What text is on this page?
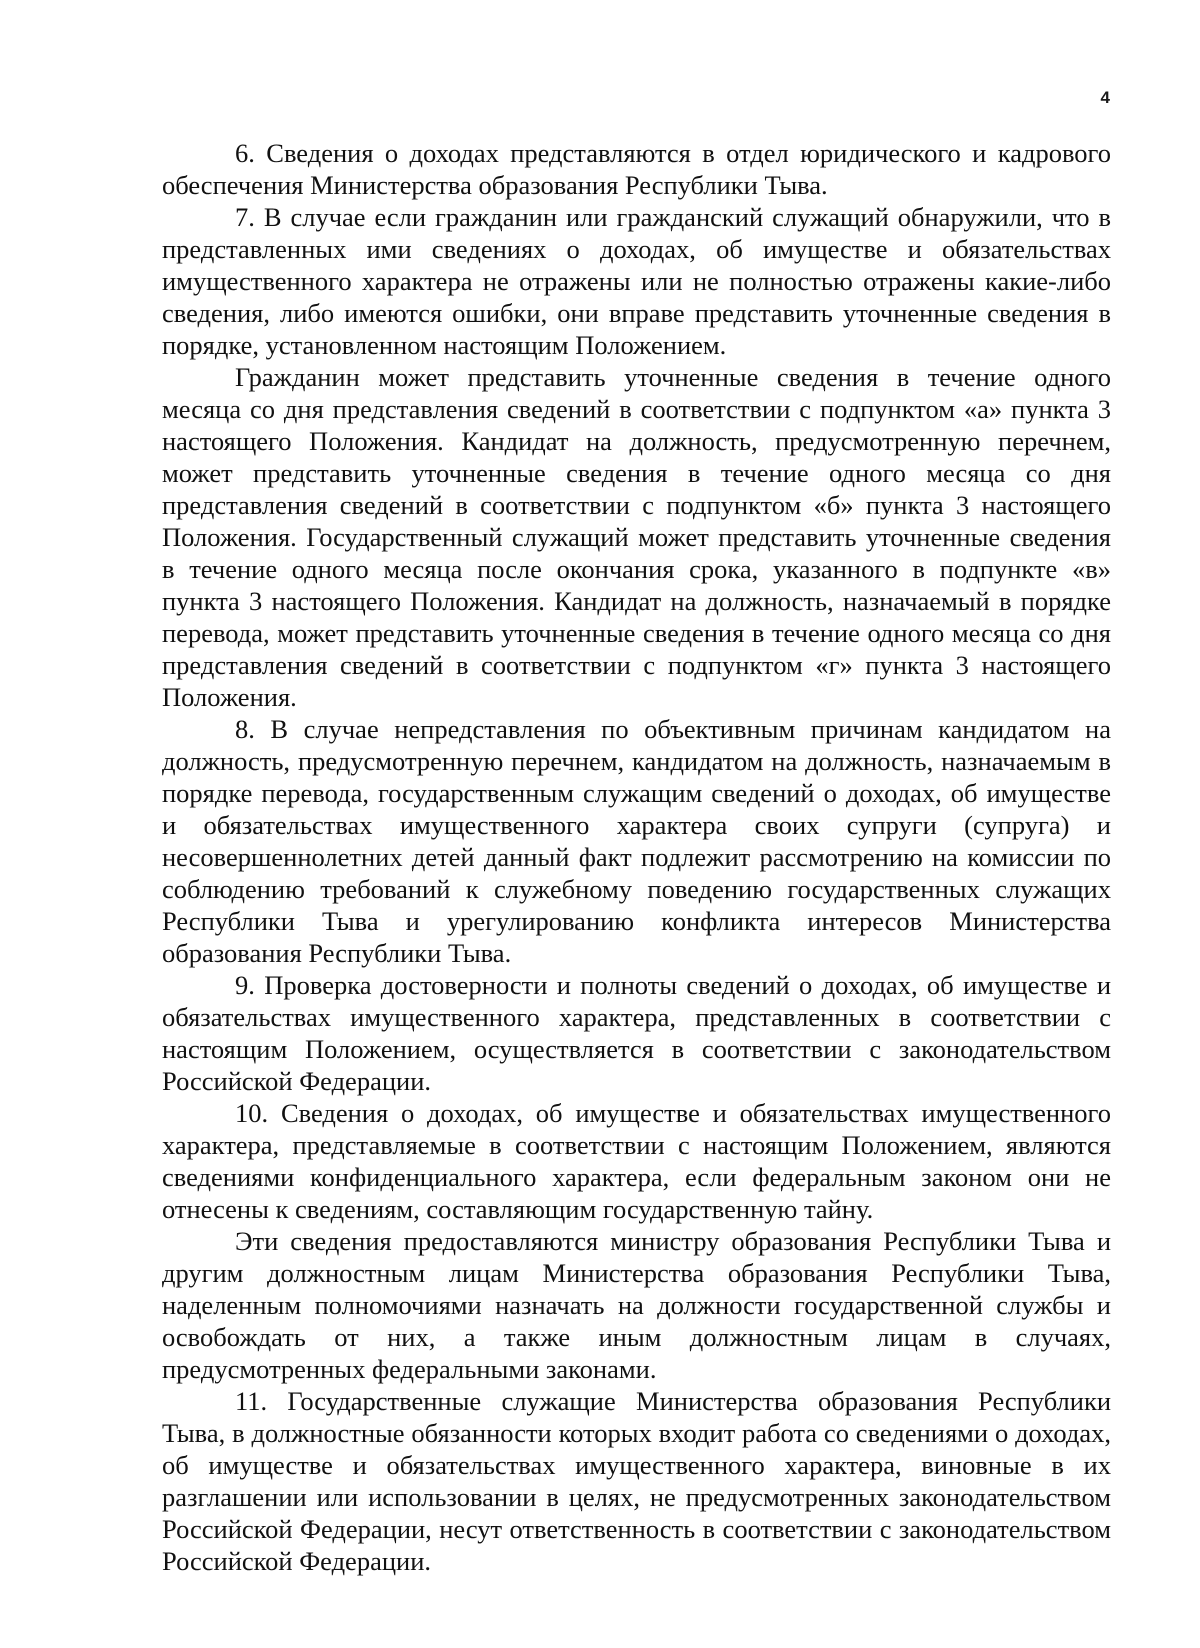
4

6. Сведения о доходах представляются в отдел юридического и кадрового обеспечения Министерства образования Республики Тыва.

7. В случае если гражданин или гражданский служащий обнаружили, что в представленных ими сведениях о доходах, об имуществе и обязательствах имущественного характера не отражены или не полностью отражены какие-либо сведения, либо имеются ошибки, они вправе представить уточненные сведения в порядке, установленном настоящим Положением.

Гражданин может представить уточненные сведения в течение одного месяца со дня представления сведений в соответствии с подпунктом «а» пункта 3 настоящего Положения. Кандидат на должность, предусмотренную перечнем, может представить уточненные сведения в течение одного месяца со дня представления сведений в соответствии с подпунктом «б» пункта 3 настоящего Положения. Государственный служащий может представить уточненные сведения в течение одного месяца после окончания срока, указанного в подпункте «в» пункта 3 настоящего Положения. Кандидат на должность, назначаемый в порядке перевода, может представить уточненные сведения в течение одного месяца со дня представления сведений в соответствии с подпунктом «г» пункта 3 настоящего Положения.

8. В случае непредставления по объективным причинам кандидатом на должность, предусмотренную перечнем, кандидатом на должность, назначаемым в порядке перевода, государственным служащим сведений о доходах, об имуществе и обязательствах имущественного характера своих супруги (супруга) и несовершеннолетних детей данный факт подлежит рассмотрению на комиссии по соблюдению требований к служебному поведению государственных служащих Республики Тыва и урегулированию конфликта интересов Министерства образования Республики Тыва.

9. Проверка достоверности и полноты сведений о доходах, об имуществе и обязательствах имущественного характера, представленных в соответствии с настоящим Положением, осуществляется в соответствии с законодательством Российской Федерации.

10. Сведения о доходах, об имуществе и обязательствах имущественного характера, представляемые в соответствии с настоящим Положением, являются сведениями конфиденциального характера, если федеральным законом они не отнесены к сведениям, составляющим государственную тайну.

Эти сведения предоставляются министру образования Республики Тыва и другим должностным лицам Министерства образования Республики Тыва, наделенным полномочиями назначать на должности государственной службы и освобождать от них, а также иным должностным лицам в случаях, предусмотренных федеральными законами.

11. Государственные служащие Министерства образования Республики Тыва, в должностные обязанности которых входит работа со сведениями о доходах, об имуществе и обязательствах имущественного характера, виновные в их разглашении или использовании в целях, не предусмотренных законодательством Российской Федерации, несут ответственность в соответствии с законодательством Российской Федерации.
